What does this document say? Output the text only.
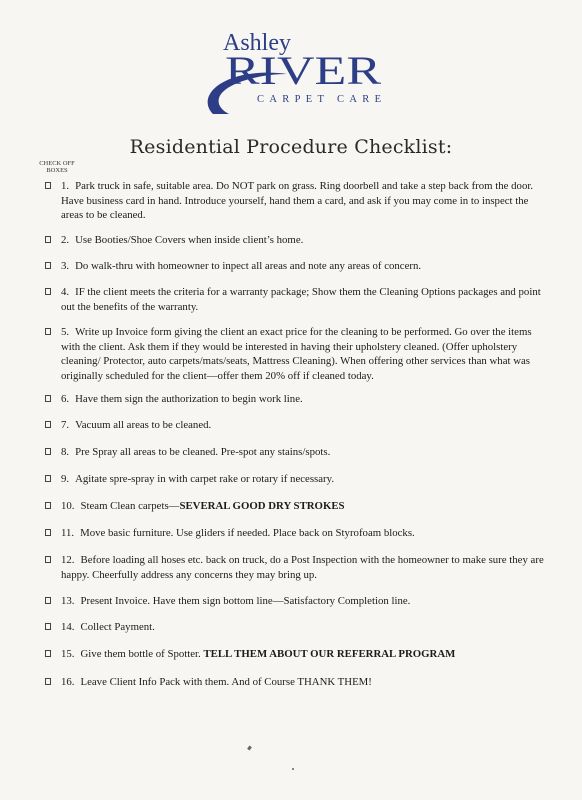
Ashley
RIVER
CARPET CARE
Residential Procedure Checklist:
CHECK OFF
BOXES
1. Park truck in safe, suitable area. Do NOT park on grass. Ring doorbell and take a step back from the door. Have business card in hand. Introduce yourself, hand them a card, and ask if you may come in to inspect the areas to be cleaned.
2. Use Booties/Shoe Covers when inside client’s home.
3. Do walk-thru with homeowner to inpect all areas and note any areas of concern.
4. IF the client meets the criteria for a warranty package; Show them the Cleaning Options packages and point out the benefits of the warranty.
5. Write up Invoice form giving the client an exact price for the cleaning to be performed. Go over the items with the client. Ask them if they would be interested in having their upholstery cleaned. (Offer upholstery cleaning/ Protector, auto carpets/mats/seats, Mattress Cleaning). When offering other services than what was originally scheduled for the client—offer them 20% off if cleaned today.
6. Have them sign the authorization to begin work line.
7. Vacuum all areas to be cleaned.
8. Pre Spray all areas to be cleaned. Pre-spot any stains/spots.
9. Agitate spre-spray in with carpet rake or rotary if necessary.
10. Steam Clean carpets—SEVERAL GOOD DRY STROKES
11. Move basic furniture. Use gliders if needed. Place back on Styrofoam blocks.
12. Before loading all hoses etc. back on truck, do a Post Inspection with the homeowner to make sure they are happy. Cheerfully address any concerns they may bring up.
13. Present Invoice. Have them sign bottom line—Satisfactory Completion line.
14. Collect Payment.
15. Give them bottle of Spotter. TELL THEM ABOUT OUR REFERRAL PROGRAM
16. Leave Client Info Pack with them. And of Course THANK THEM!
